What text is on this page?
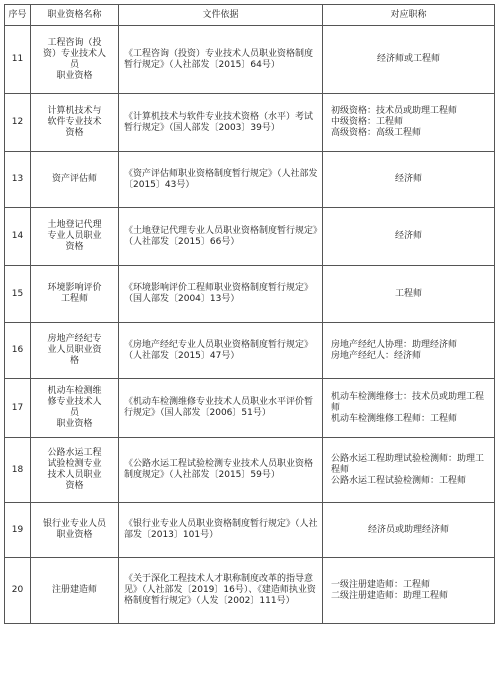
序号	职业资格名称	文件依据	对应职称
11	工程咨询（投
资）专业技术人
员
职业资格	《工程咨询（投资）专业技术人员职业资格制度暂行规定》（人社部发〔2015〕64号）	经济师或工程师

12	计算机技术与
软件专业技术
资格	《计算机技术与软件专业技术资格（水平）考试暂行规定》（国人部发〔2003〕39号）	初级资格：技术员或助理工程师
中级资格：工程师
高级资格：高级工程师

13	资产评估师	《资产评估师职业资格制度暂行规定》（人社部发〔2015〕43号）	经济师

14	土地登记代理
专业人员职业
资格	《土地登记代理专业人员职业资格制度暂行规定》（人社部发〔2015〕66号）	经济师

15	环境影响评价
工程师	《环境影响评价工程师职业资格制度暂行规定》（国人部发〔2004〕13号）	工程师

16	房地产经纪专
业人员职业资
格	《房地产经纪专业人员职业资格制度暂行规定》（人社部发〔2015〕47号）	房地产经纪人协理：助理经济师
房地产经纪人：经济师

17	机动车检测维
修专业技术人
员
职业资格	《机动车检测维修专业技术人员职业水平评价暂行规定》（国人部发〔2006〕51号）	机动车检测维修士：技术员或助理工程师
机动车检测维修工程师：工程师

18	公路水运工程
试验检测专业
技术人员职业
资格	《公路水运工程试验检测专业技术人员职业资格制度规定》（人社部发〔2015〕59号）	公路水运工程助理试验检测师：助理工程师
公路水运工程试验检测师：工程师

19	银行业专业人员
职业资格	《银行业专业人员职业资格制度暂行规定》（人社部发〔2013〕101号）	经济员或助理经济师

20	注册建造师	《关于深化工程技术人才职称制度改革的指导意见》（人社部发〔2019〕16号）、《建造师执业资格制度暂行规定》（人发〔2002〕111号）	一级注册建造师：工程师
二级注册建造师：助理工程师
